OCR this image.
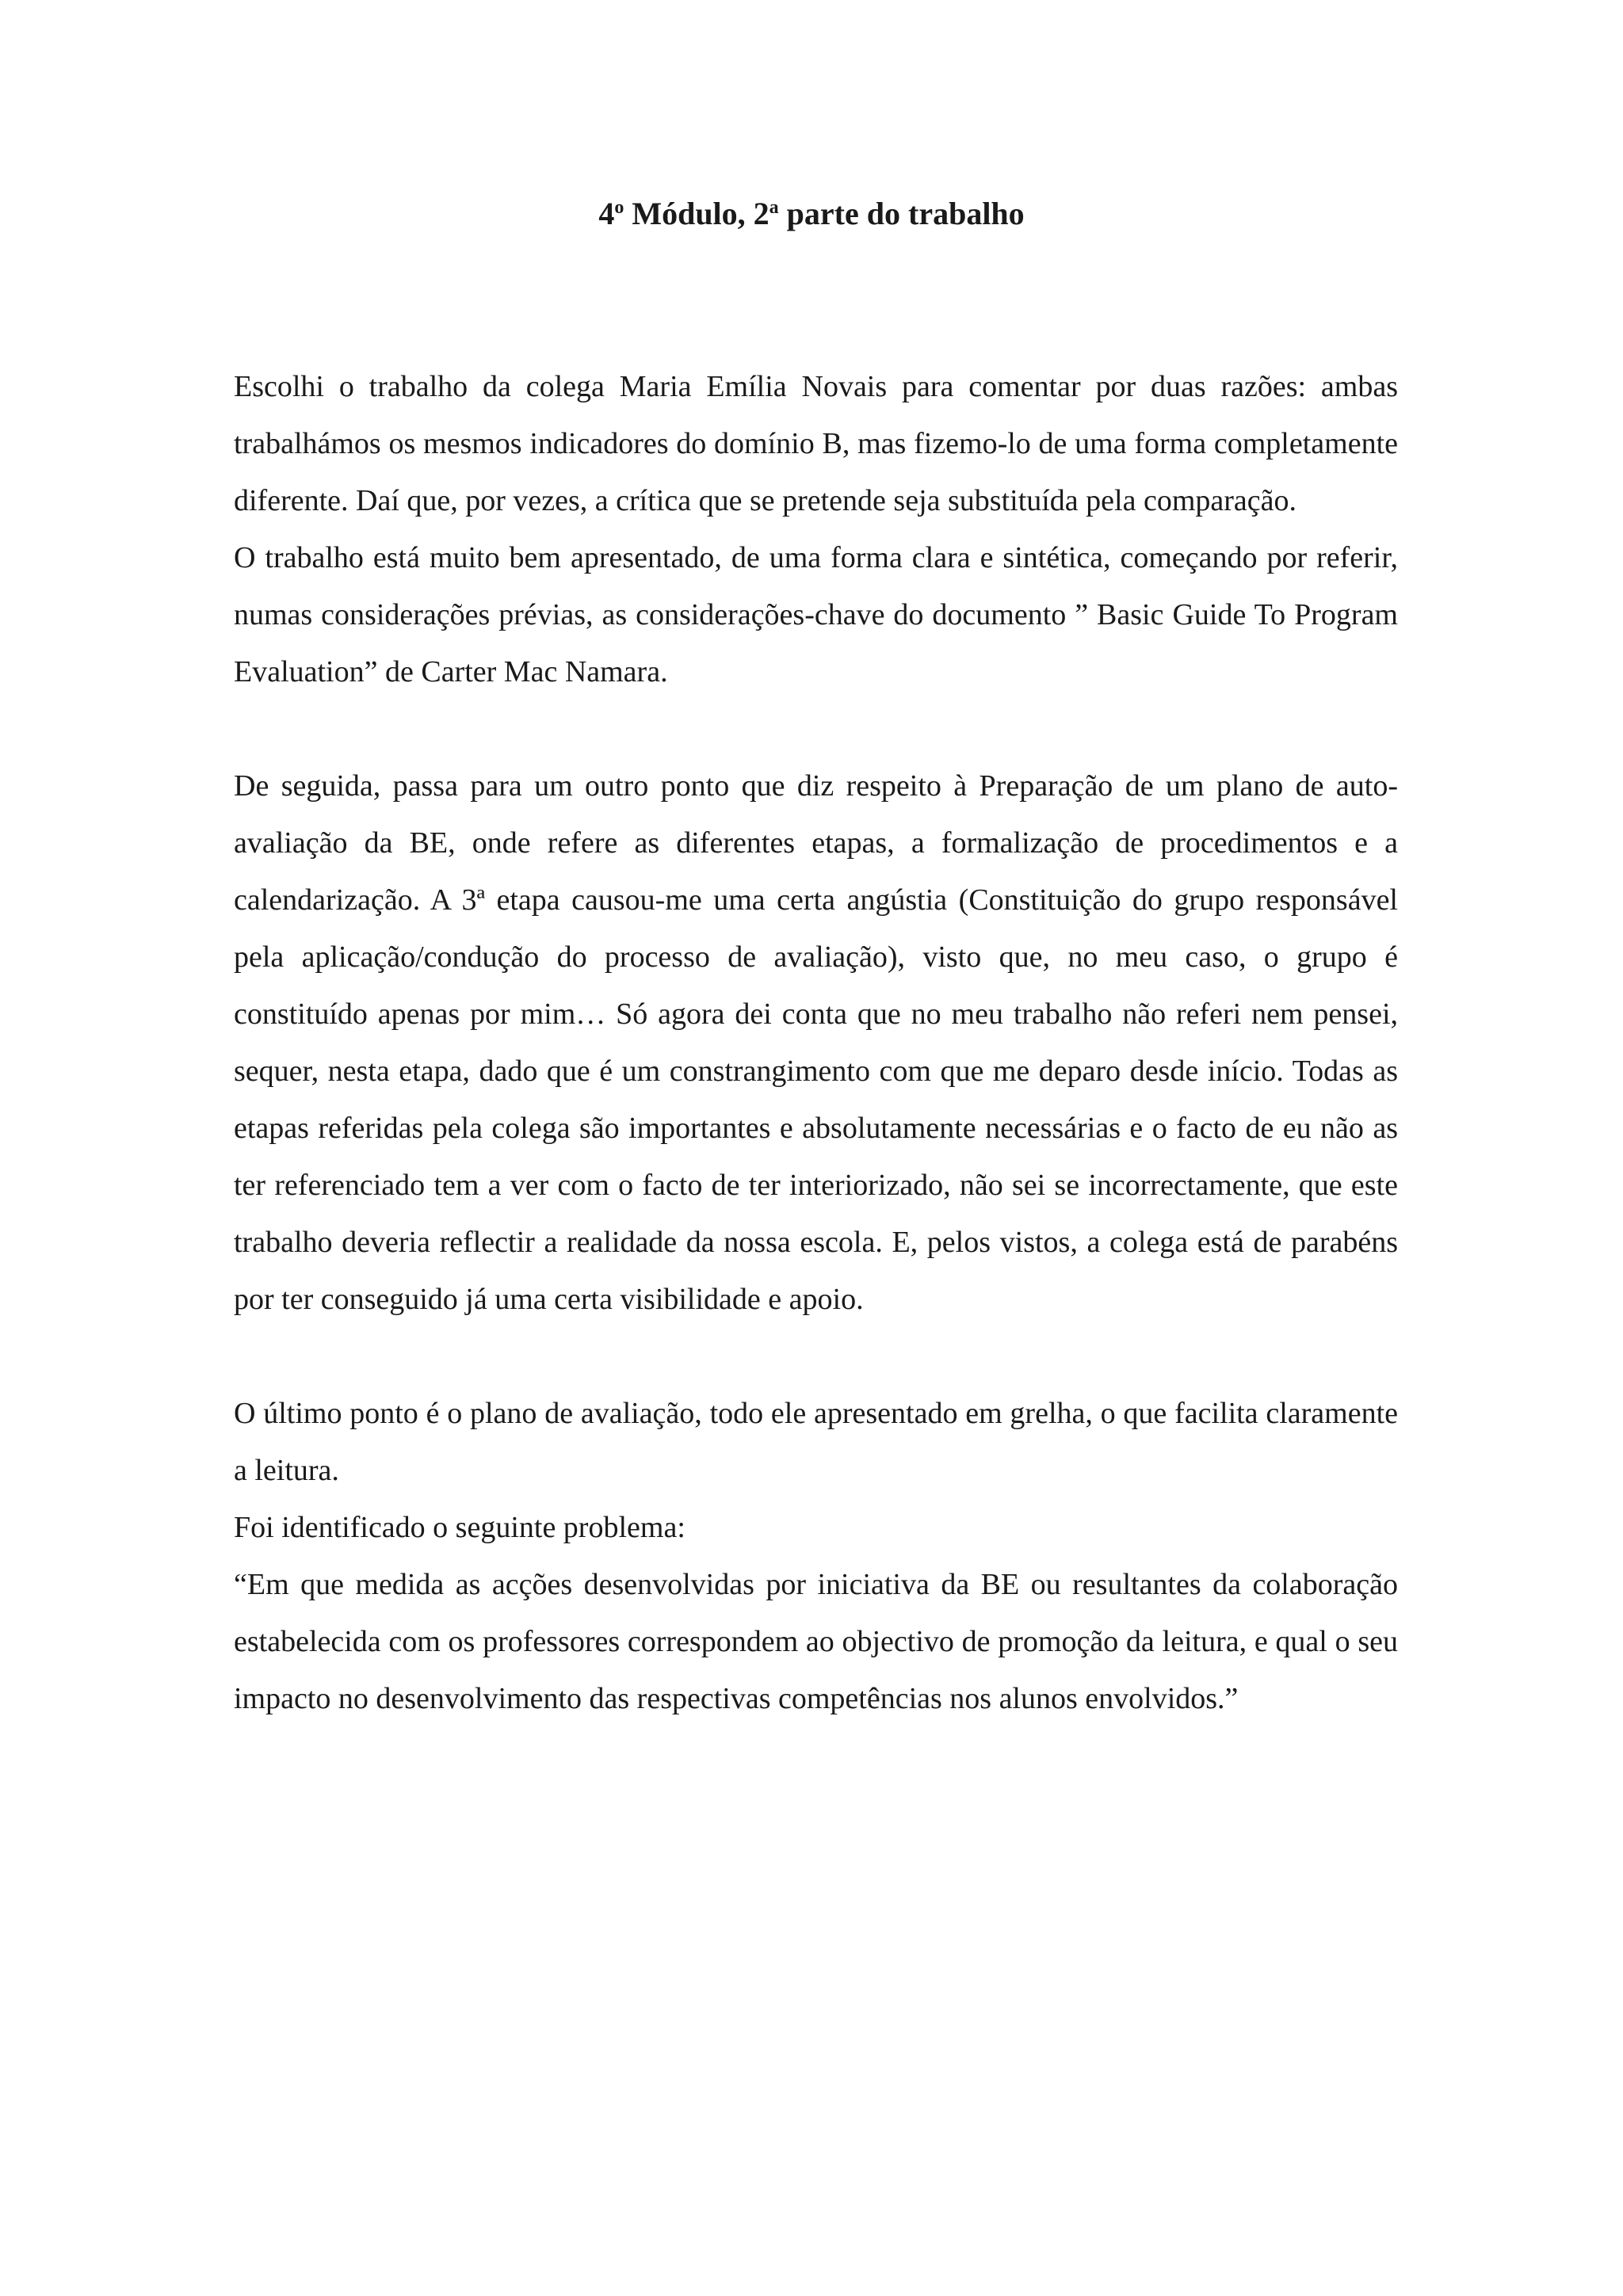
4$^o$ Módulo, 2$^a$ parte do trabalho

Escolhi o trabalho da colega Maria Emília Novais para comentar por duas razões: ambas trabalhámos os mesmos indicadores do domínio B, mas fizemo-lo de uma forma completamente diferente. Daí que, por vezes, a crítica que se pretende seja substituída pela comparação.

O trabalho está muito bem apresentado, de uma forma clara e sintética, começando por referir, numas considerações prévias, as considerações-chave do documento ” Basic Guide To Program Evaluation” de Carter Mac Namara.

De seguida, passa para um outro ponto que diz respeito à Preparação de um plano de auto-avaliação da BE, onde refere as diferentes etapas, a formalização de procedimentos e a calendarização. A 3ª etapa causou-me uma certa angústia (Constituição do grupo responsável pela aplicação/condução do processo de avaliação), visto que, no meu caso, o grupo é constituído apenas por mim… Só agora dei conta que no meu trabalho não referi nem pensei, sequer, nesta etapa, dado que é um constrangimento com que me deparo desde início. Todas as etapas referidas pela colega são importantes e absolutamente necessárias e o facto de eu não as ter referenciado tem a ver com o facto de ter interiorizado, não sei se incorrectamente, que este trabalho deveria reflectir a realidade da nossa escola. E, pelos vistos, a colega está de parabéns por ter conseguido já uma certa visibilidade e apoio.

O último ponto é o plano de avaliação, todo ele apresentado em grelha, o que facilita claramente a leitura.

Foi identificado o seguinte problema:

“Em que medida as acções desenvolvidas por iniciativa da BE ou resultantes da colaboração estabelecida com os professores correspondem ao objectivo de promoção da leitura, e qual o seu impacto no desenvolvimento das respectivas competências nos alunos envolvidos.”
